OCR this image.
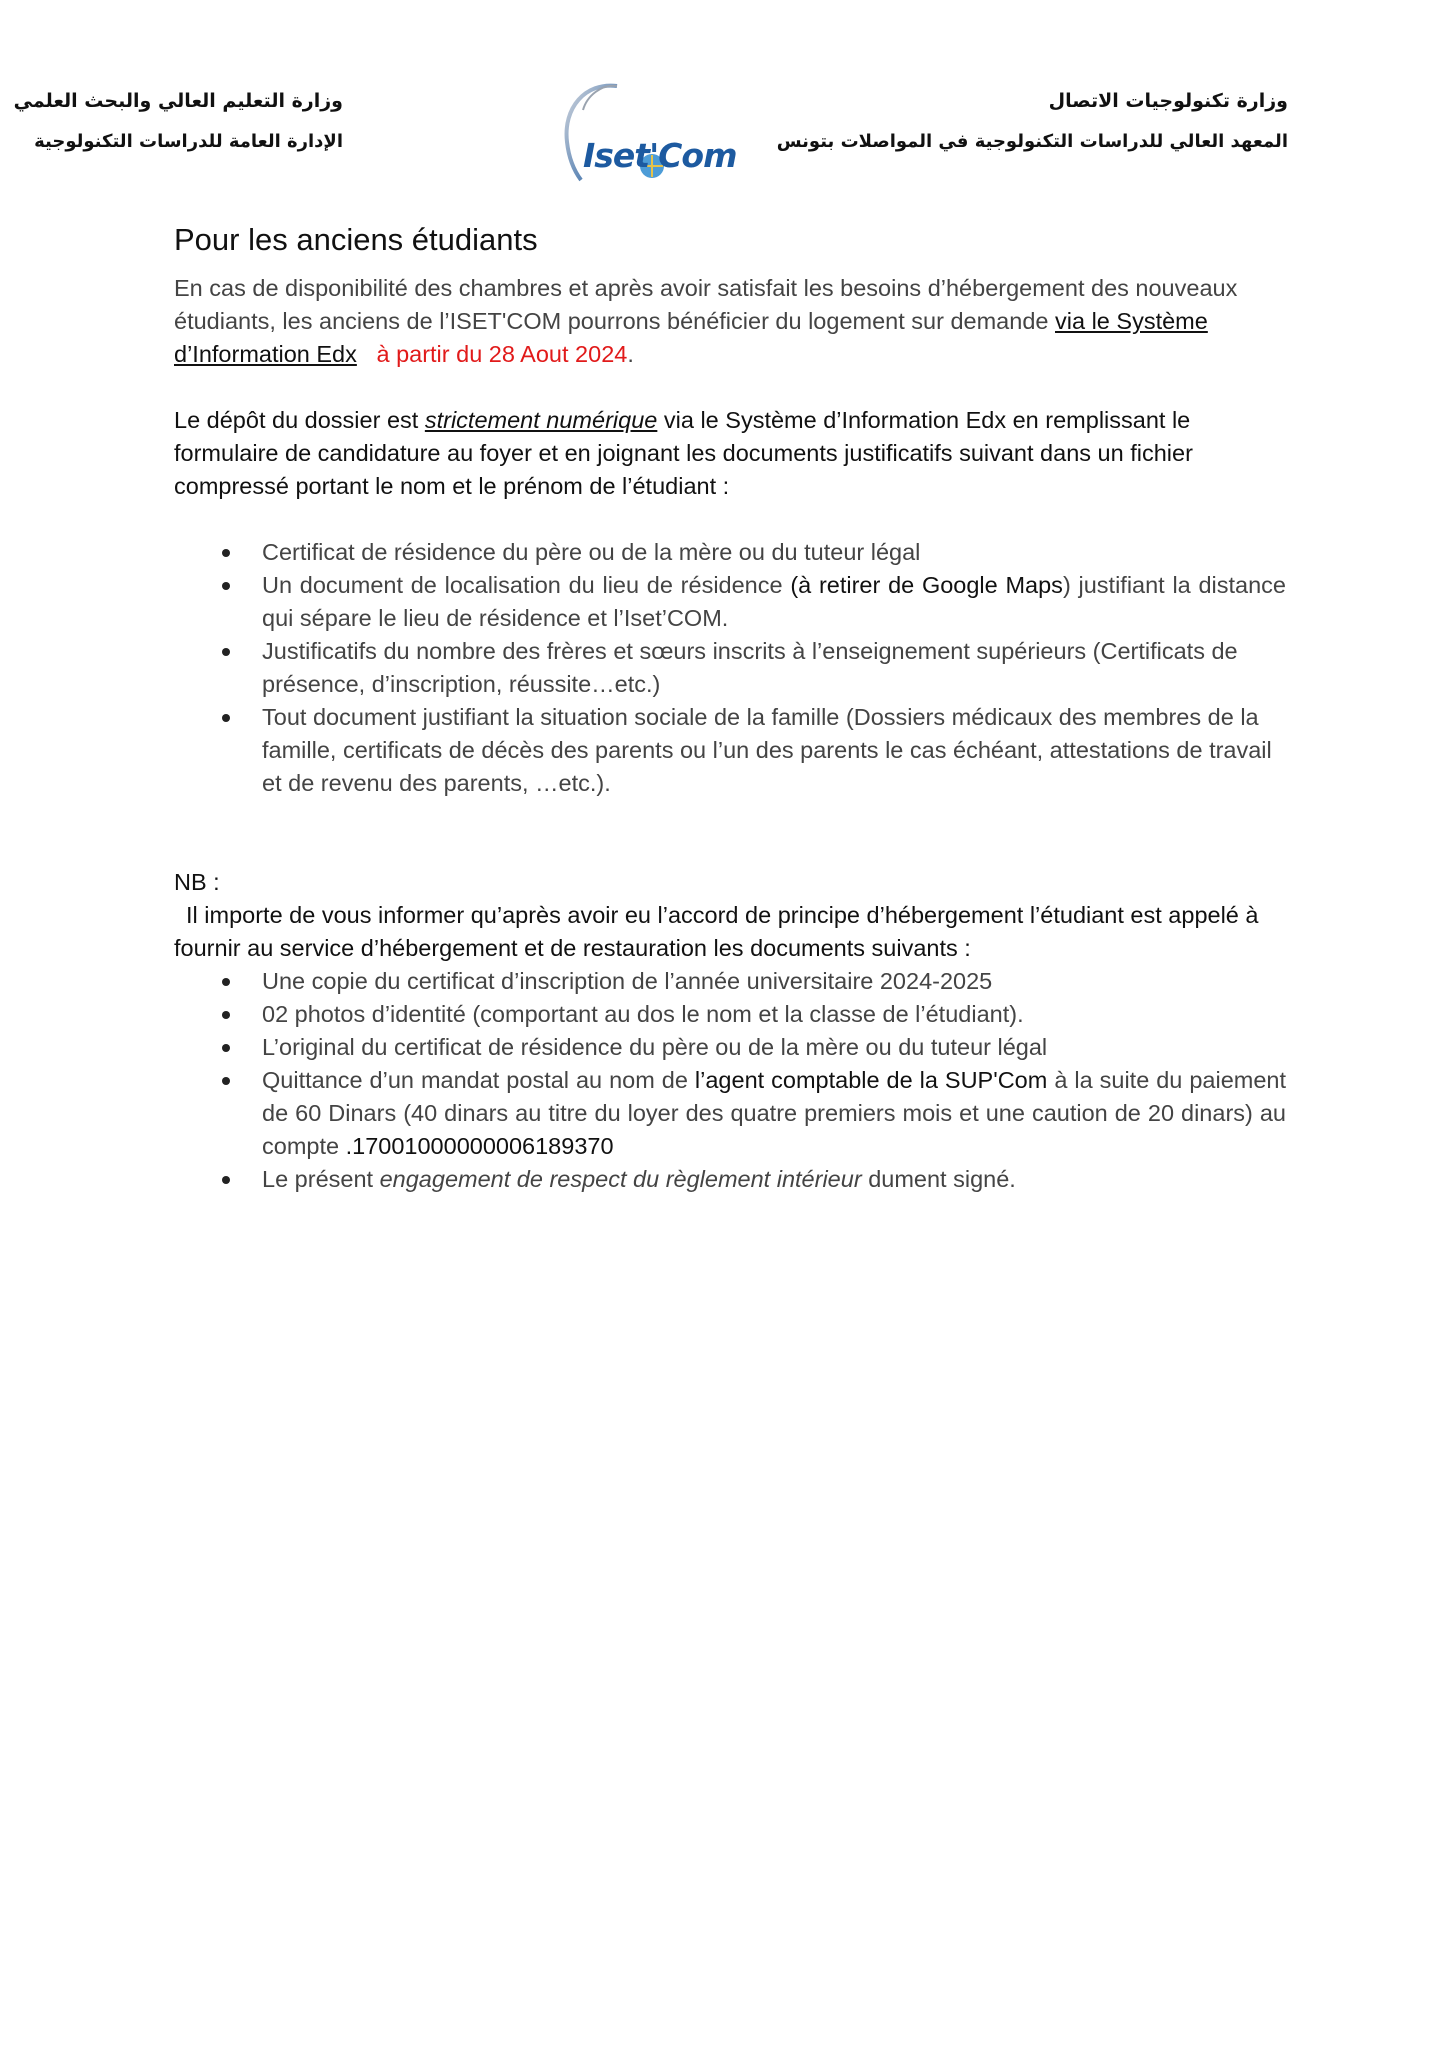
وزارة التعليم العالي والبحث العلمي
الإدارة العامة للدراسات التكنولوجية	Iset'Com
وزارة تكنولوجيات الاتصال
المعهد العالي للدراسات التكنولوجية في المواصلات بتونس
Pour les anciens étudiants

En cas de disponibilité des chambres et après avoir satisfait les besoins d’hébergement des nouveaux étudiants, les anciens de l’ISET'COM pourrons bénéficier du logement sur demande via le Système d’Information Edx à partir du 28 Aout 2024.

Le dépôt du dossier est strictement numérique via le Système d’Information Edx en remplissant le formulaire de candidature au foyer et en joignant les documents justificatifs suivant dans un fichier compressé portant le nom et le prénom de l’étudiant :

Certificat de résidence du père ou de la mère ou du tuteur légal
Un document de localisation du lieu de résidence (à retirer de Google Maps) justifiant la distance qui sépare le lieu de résidence et l’Iset’COM.
Justificatifs du nombre des frères et sœurs inscrits à l’enseignement supérieurs (Certificats de présence, d’inscription, réussite…etc.)
Tout document justifiant la situation sociale de la famille (Dossiers médicaux des membres de la famille, certificats de décès des parents ou l’un des parents le cas échéant, attestations de travail et de revenu des parents, …etc.).

NB :

Il importe de vous informer qu’après avoir eu l’accord de principe d’hébergement l’étudiant est appelé à fournir au service d’hébergement et de restauration les documents suivants :

Une copie du certificat d’inscription de l’année universitaire 2024-2025
02 photos d’identité (comportant au dos le nom et la classe de l’étudiant).
L’original du certificat de résidence du père ou de la mère ou du tuteur légal
Quittance d’un mandat postal au nom de l’agent comptable de la SUP'Com à la suite du paiement de 60 Dinars (40 dinars au titre du loyer des quatre premiers mois et une caution de 20 dinars) au compte .17001000000006189370
Le présent engagement de respect du règlement intérieur dument signé.
